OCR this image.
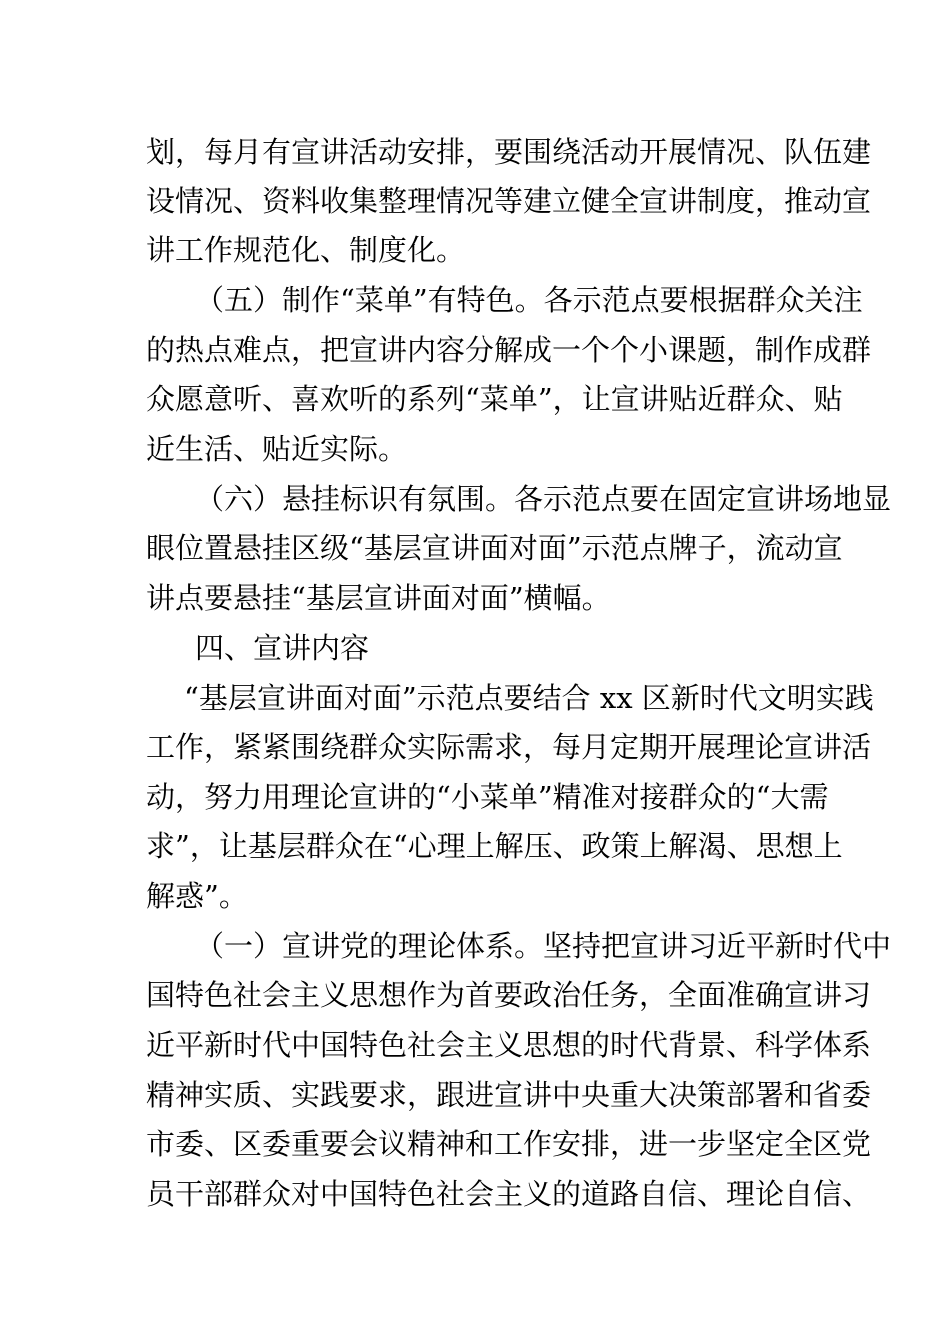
划，每月有宣讲活动安排，要围绕活动开展情况、队伍建
设情况、资料收集整理情况等建立健全宣讲制度，推动宣
讲工作规范化、制度化。
（五）制作“菜单”有特色。各示范点要根据群众关注
的热点难点，把宣讲内容分解成一个个小课题，制作成群
众愿意听、喜欢听的系列“菜单”，让宣讲贴近群众、贴
近生活、贴近实际。
（六）悬挂标识有氛围。各示范点要在固定宣讲场地显
眼位置悬挂区级“基层宣讲面对面”示范点牌子，流动宣
讲点要悬挂“基层宣讲面对面”横幅。
四、宣讲内容
“基层宣讲面对面”示范点要结合 xx 区新时代文明实践
工作，紧紧围绕群众实际需求，每月定期开展理论宣讲活
动，努力用理论宣讲的“小菜单”精准对接群众的“大需
求”，让基层群众在“心理上解压、政策上解渴、思想上
解惑”。
（一）宣讲党的理论体系。坚持把宣讲习近平新时代中
国特色社会主义思想作为首要政治任务，全面准确宣讲习
近平新时代中国特色社会主义思想的时代背景、科学体系
精神实质、实践要求，跟进宣讲中央重大决策部署和省委
市委、区委重要会议精神和工作安排，进一步坚定全区党
员干部群众对中国特色社会主义的道路自信、理论自信、
